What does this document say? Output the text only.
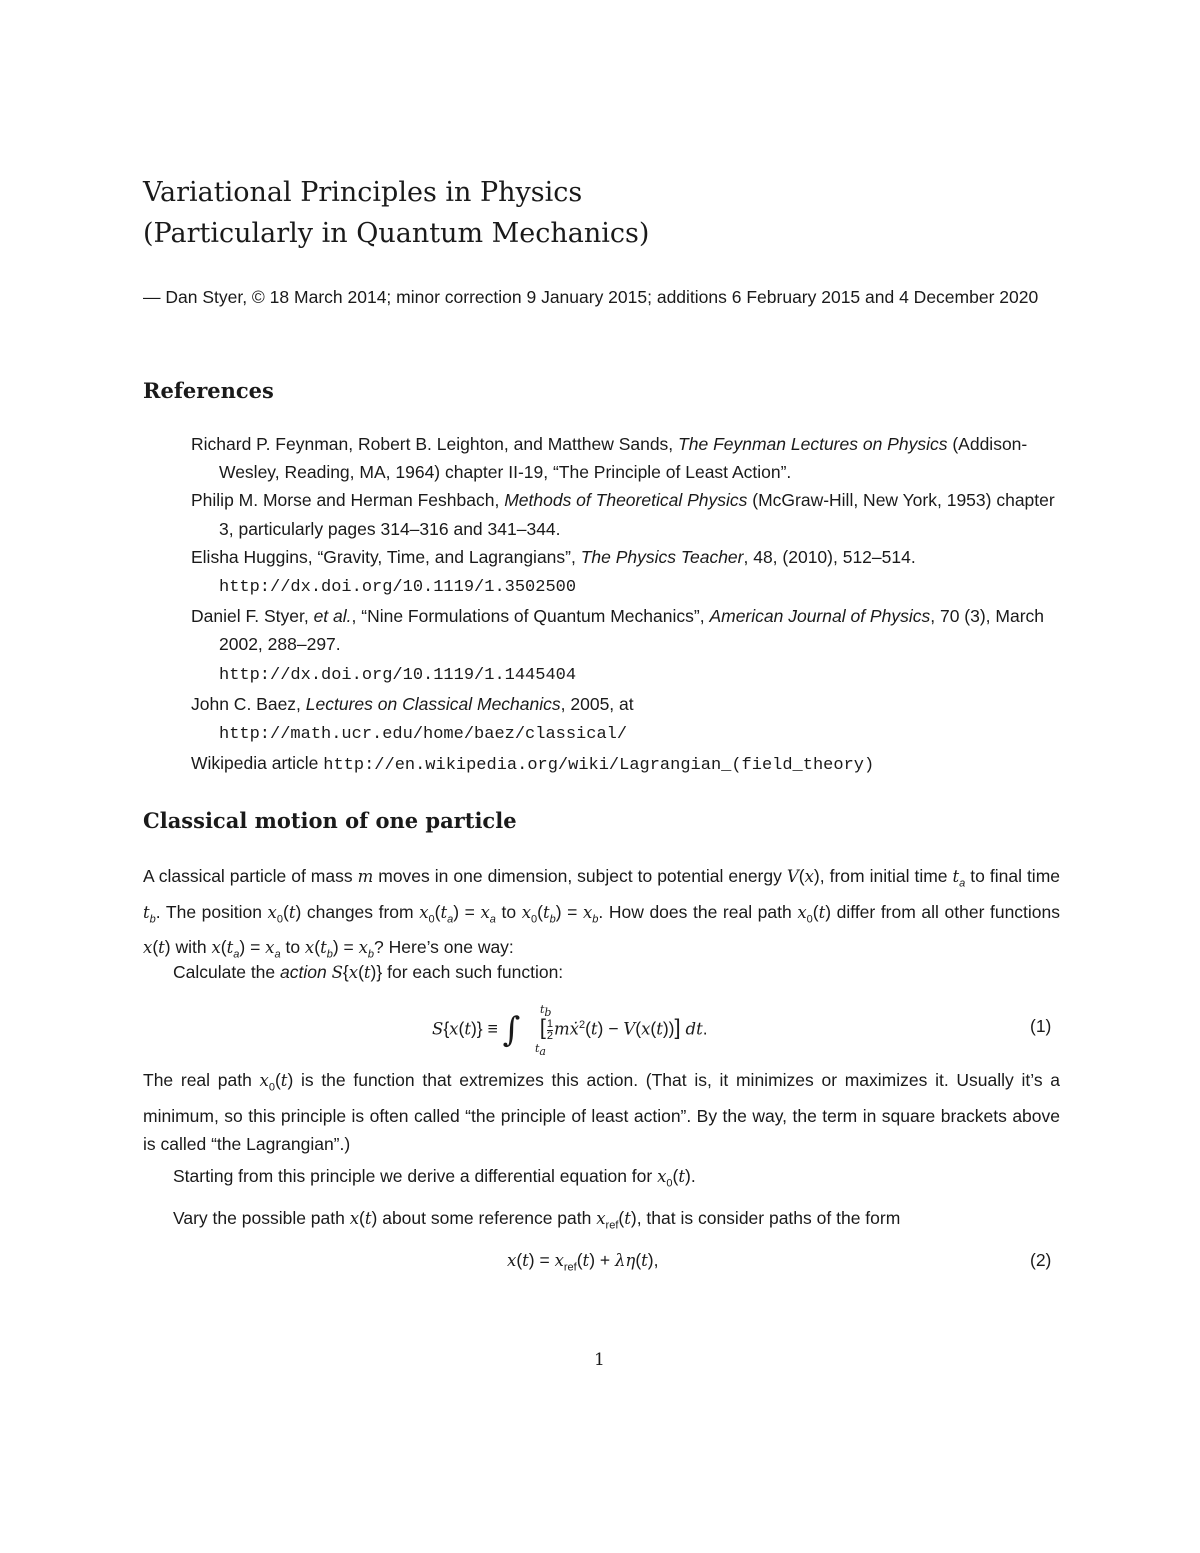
Variational Principles in Physics
(Particularly in Quantum Mechanics)
— Dan Styer, © 18 March 2014; minor correction 9 January 2015; additions 6 February 2015 and 4 December 2020
References
Richard P. Feynman, Robert B. Leighton, and Matthew Sands, The Feynman Lectures on Physics (Addison-Wesley, Reading, MA, 1964) chapter II-19, “The Principle of Least Action”.
Philip M. Morse and Herman Feshbach, Methods of Theoretical Physics (McGraw-Hill, New York, 1953) chapter 3, particularly pages 314–316 and 341–344.
Elisha Huggins, “Gravity, Time, and Lagrangians”, The Physics Teacher, 48, (2010), 512–514.
http://dx.doi.org/10.1119/1.3502500
Daniel F. Styer, et al., “Nine Formulations of Quantum Mechanics”, American Journal of Physics, 70 (3), March 2002, 288–297.
http://dx.doi.org/10.1119/1.1445404
John C. Baez, Lectures on Classical Mechanics, 2005, at
http://math.ucr.edu/home/baez/classical/
Wikipedia article http://en.wikipedia.org/wiki/Lagrangian_(field_theory)
Classical motion of one particle
A classical particle of mass m moves in one dimension, subject to potential energy V(x), from initial time $t_a$ to final time $t_b$. The position $x_0(t)$ changes from $x_0(t_a) = x_a$ to $x_0(t_b) = x_b$. How does the real path $x_0(t)$ differ from all other functions x(t) with $x(t_a) = x_a$ to $x(t_b) = x_b$? Here’s one way:
Calculate the action S{x(t)} for each such function:
S{x(t)} ≡ ∫ [ $\frac{1}{2}$ mẋ$^2$(t) − V(x(t))] dt.
$t_b$
$t_a$
(1)
The real path $x_0(t)$ is the function that extremizes this action. (That is, it minimizes or maximizes it. Usually it’s a minimum, so this principle is often called “the principle of least action”. By the way, the term in square brackets above is called “the Lagrangian”.)
Starting from this principle we derive a differential equation for $x_0(t)$.
Vary the possible path x(t) about some reference path $x_{ref}(t)$, that is consider paths of the form
$x(t) = x_{ref}(t) + \lambda\eta(t)$,	(2)
1
